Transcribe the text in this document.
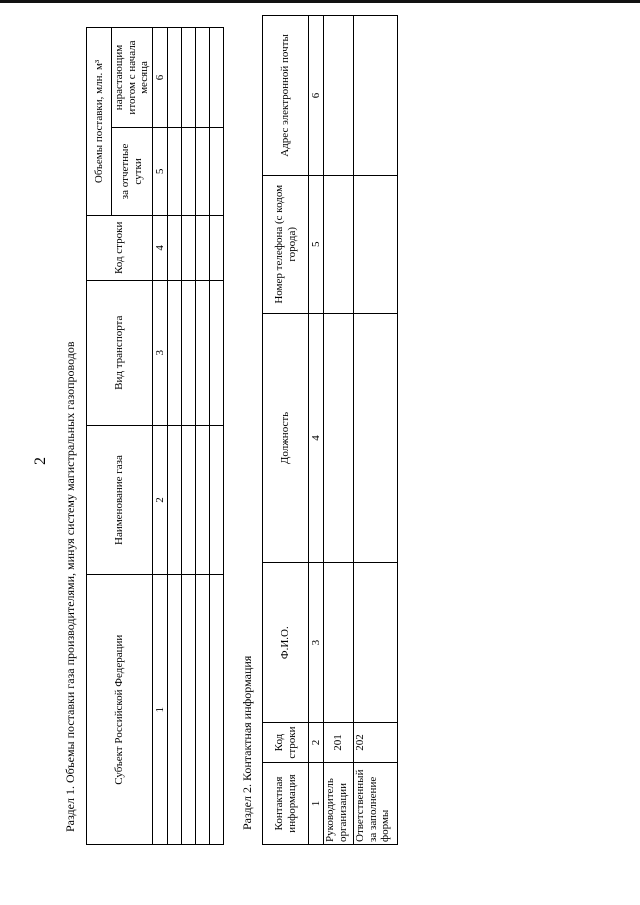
2 Раздел 1. Объемы поставки газа производителями, минуя систему магистральных газопроводов	Субъект Российской Федерации	Наименование газа	Вид транспорта	Код строки	Объемы поставки, млн. м³	
				за отчетные сутки	нарастающим итогом с начала месяца
1	2	3	4	5	6

Раздел 2. Контактная информация Контактная информация	Код строки	Ф.И.О.	Должность	Номер телефона (с кодом города)	Адрес электронной почты
1	2	3	4	5	6
Руководитель организации	201				
Ответственный за заполнение формы	202				
